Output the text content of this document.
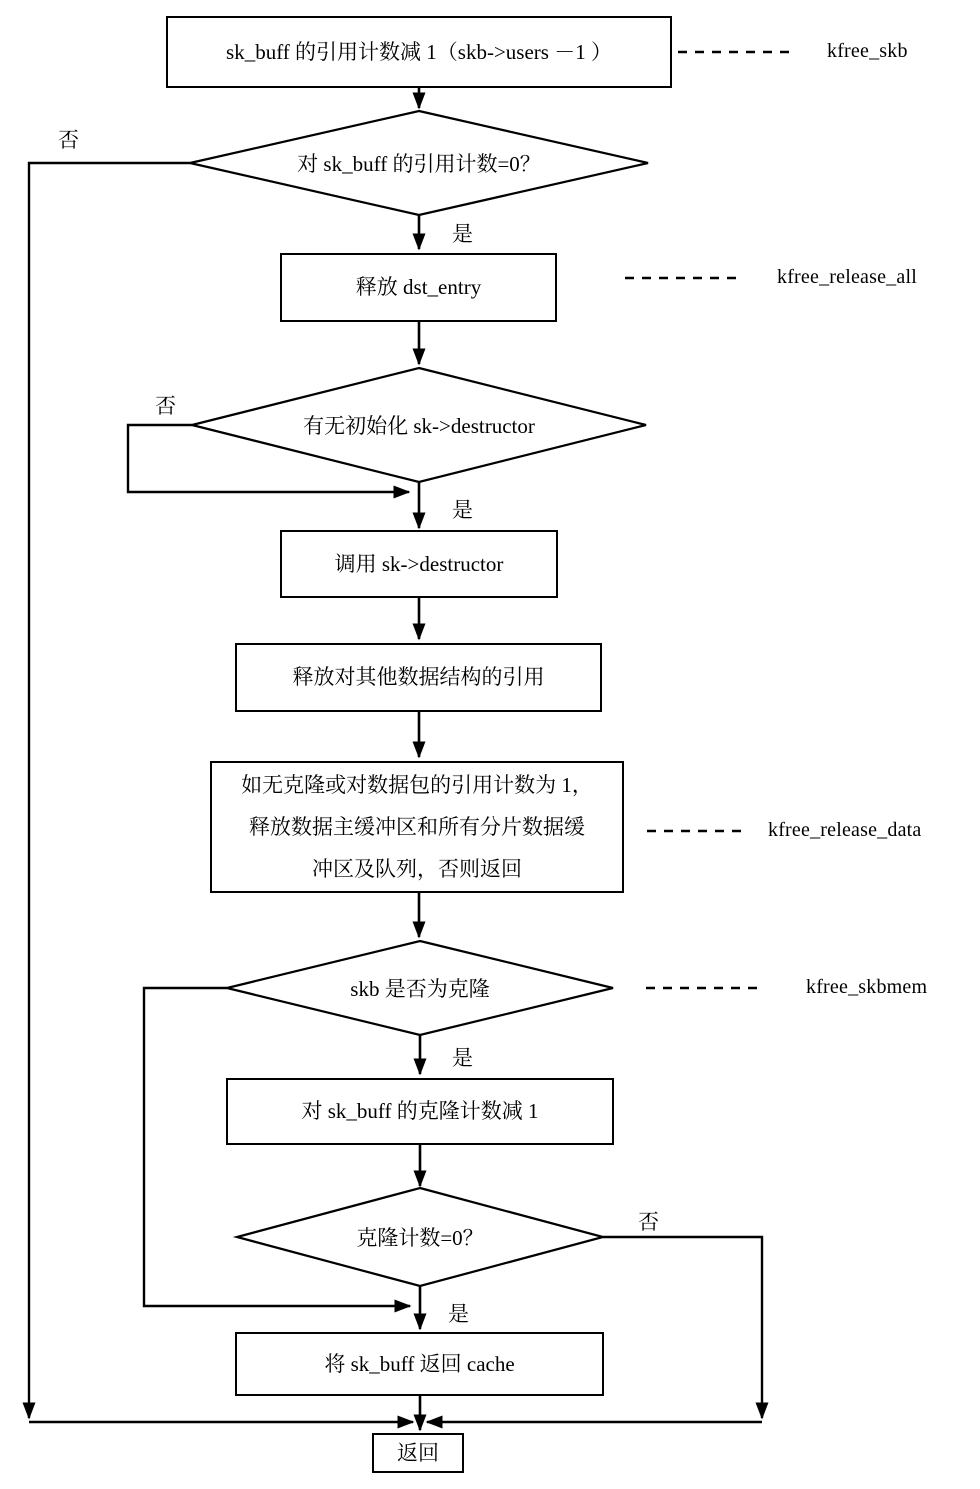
sk_buff 的引用计数减 1（skb->users －1 ）
释放 dst_entry
调用 sk->destructor
释放对其他数据结构的引用
如无克隆或对数据包的引用计数为 1，
释放数据主缓冲区和所有分片数据缓
冲区及队列，否则返回
对 sk_buff 的克隆计数减 1
将 sk_buff 返回 cache
返回
对 sk_buff 的引用计数=0？
有无初始化 sk->destructor
skb 是否为克隆
克隆计数=0？
否
是
否
是
是
否
是
kfree_skb
kfree_release_all
kfree_release_data
kfree_skbmem
